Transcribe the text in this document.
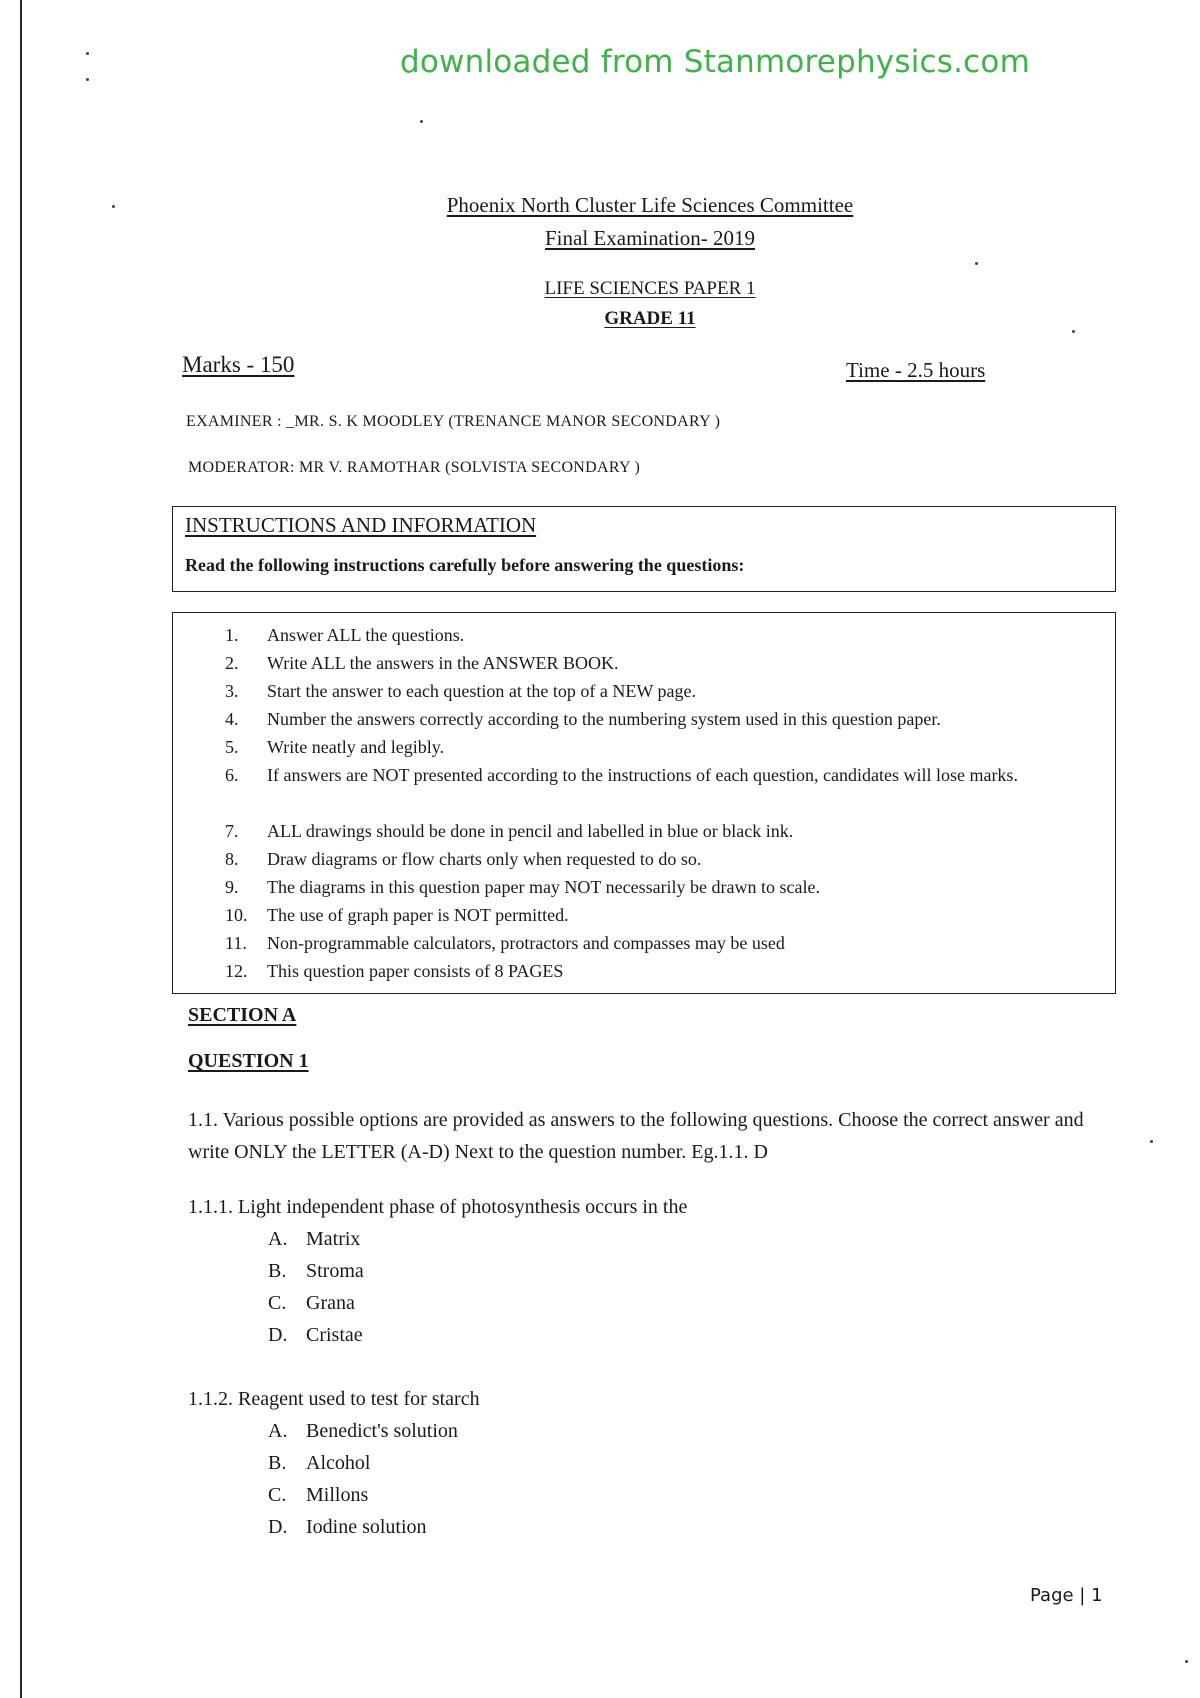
downloaded from Stanmorephysics.com
Phoenix North Cluster Life Sciences Committee
Final Examination- 2019
LIFE SCIENCES PAPER 1
GRADE 11
Marks - 150	Time - 2.5 hours
EXAMINER : _MR. S. K MOODLEY (TRENANCE MANOR SECONDARY )
MODERATOR: MR V. RAMOTHAR (SOLVISTA SECONDARY )
INSTRUCTIONS AND INFORMATION
Read the following instructions carefully before answering the questions:
1. Answer ALL the questions.
2. Write ALL the answers in the ANSWER BOOK.
3. Start the answer to each question at the top of a NEW page.
4. Number the answers correctly according to the numbering system used in this question paper.
5. Write neatly and legibly.
6. If answers are NOT presented according to the instructions of each question, candidates will lose marks.
7. ALL drawings should be done in pencil and labelled in blue or black ink.
8. Draw diagrams or flow charts only when requested to do so.
9. The diagrams in this question paper may NOT necessarily be drawn to scale.
10. The use of graph paper is NOT permitted.
11. Non-programmable calculators, protractors and compasses may be used
12. This question paper consists of 8 PAGES
SECTION A
QUESTION 1
1.1. Various possible options are provided as answers to the following questions. Choose the correct answer and write ONLY the LETTER (A-D) Next to the question number. Eg.1.1. D
1.1.1. Light independent phase of photosynthesis occurs in the
A. Matrix
B. Stroma
C. Grana
D. Cristae
1.1.2. Reagent used to test for starch
A. Benedict's solution
B. Alcohol
C. Millons
D. Iodine solution
Page | 1
